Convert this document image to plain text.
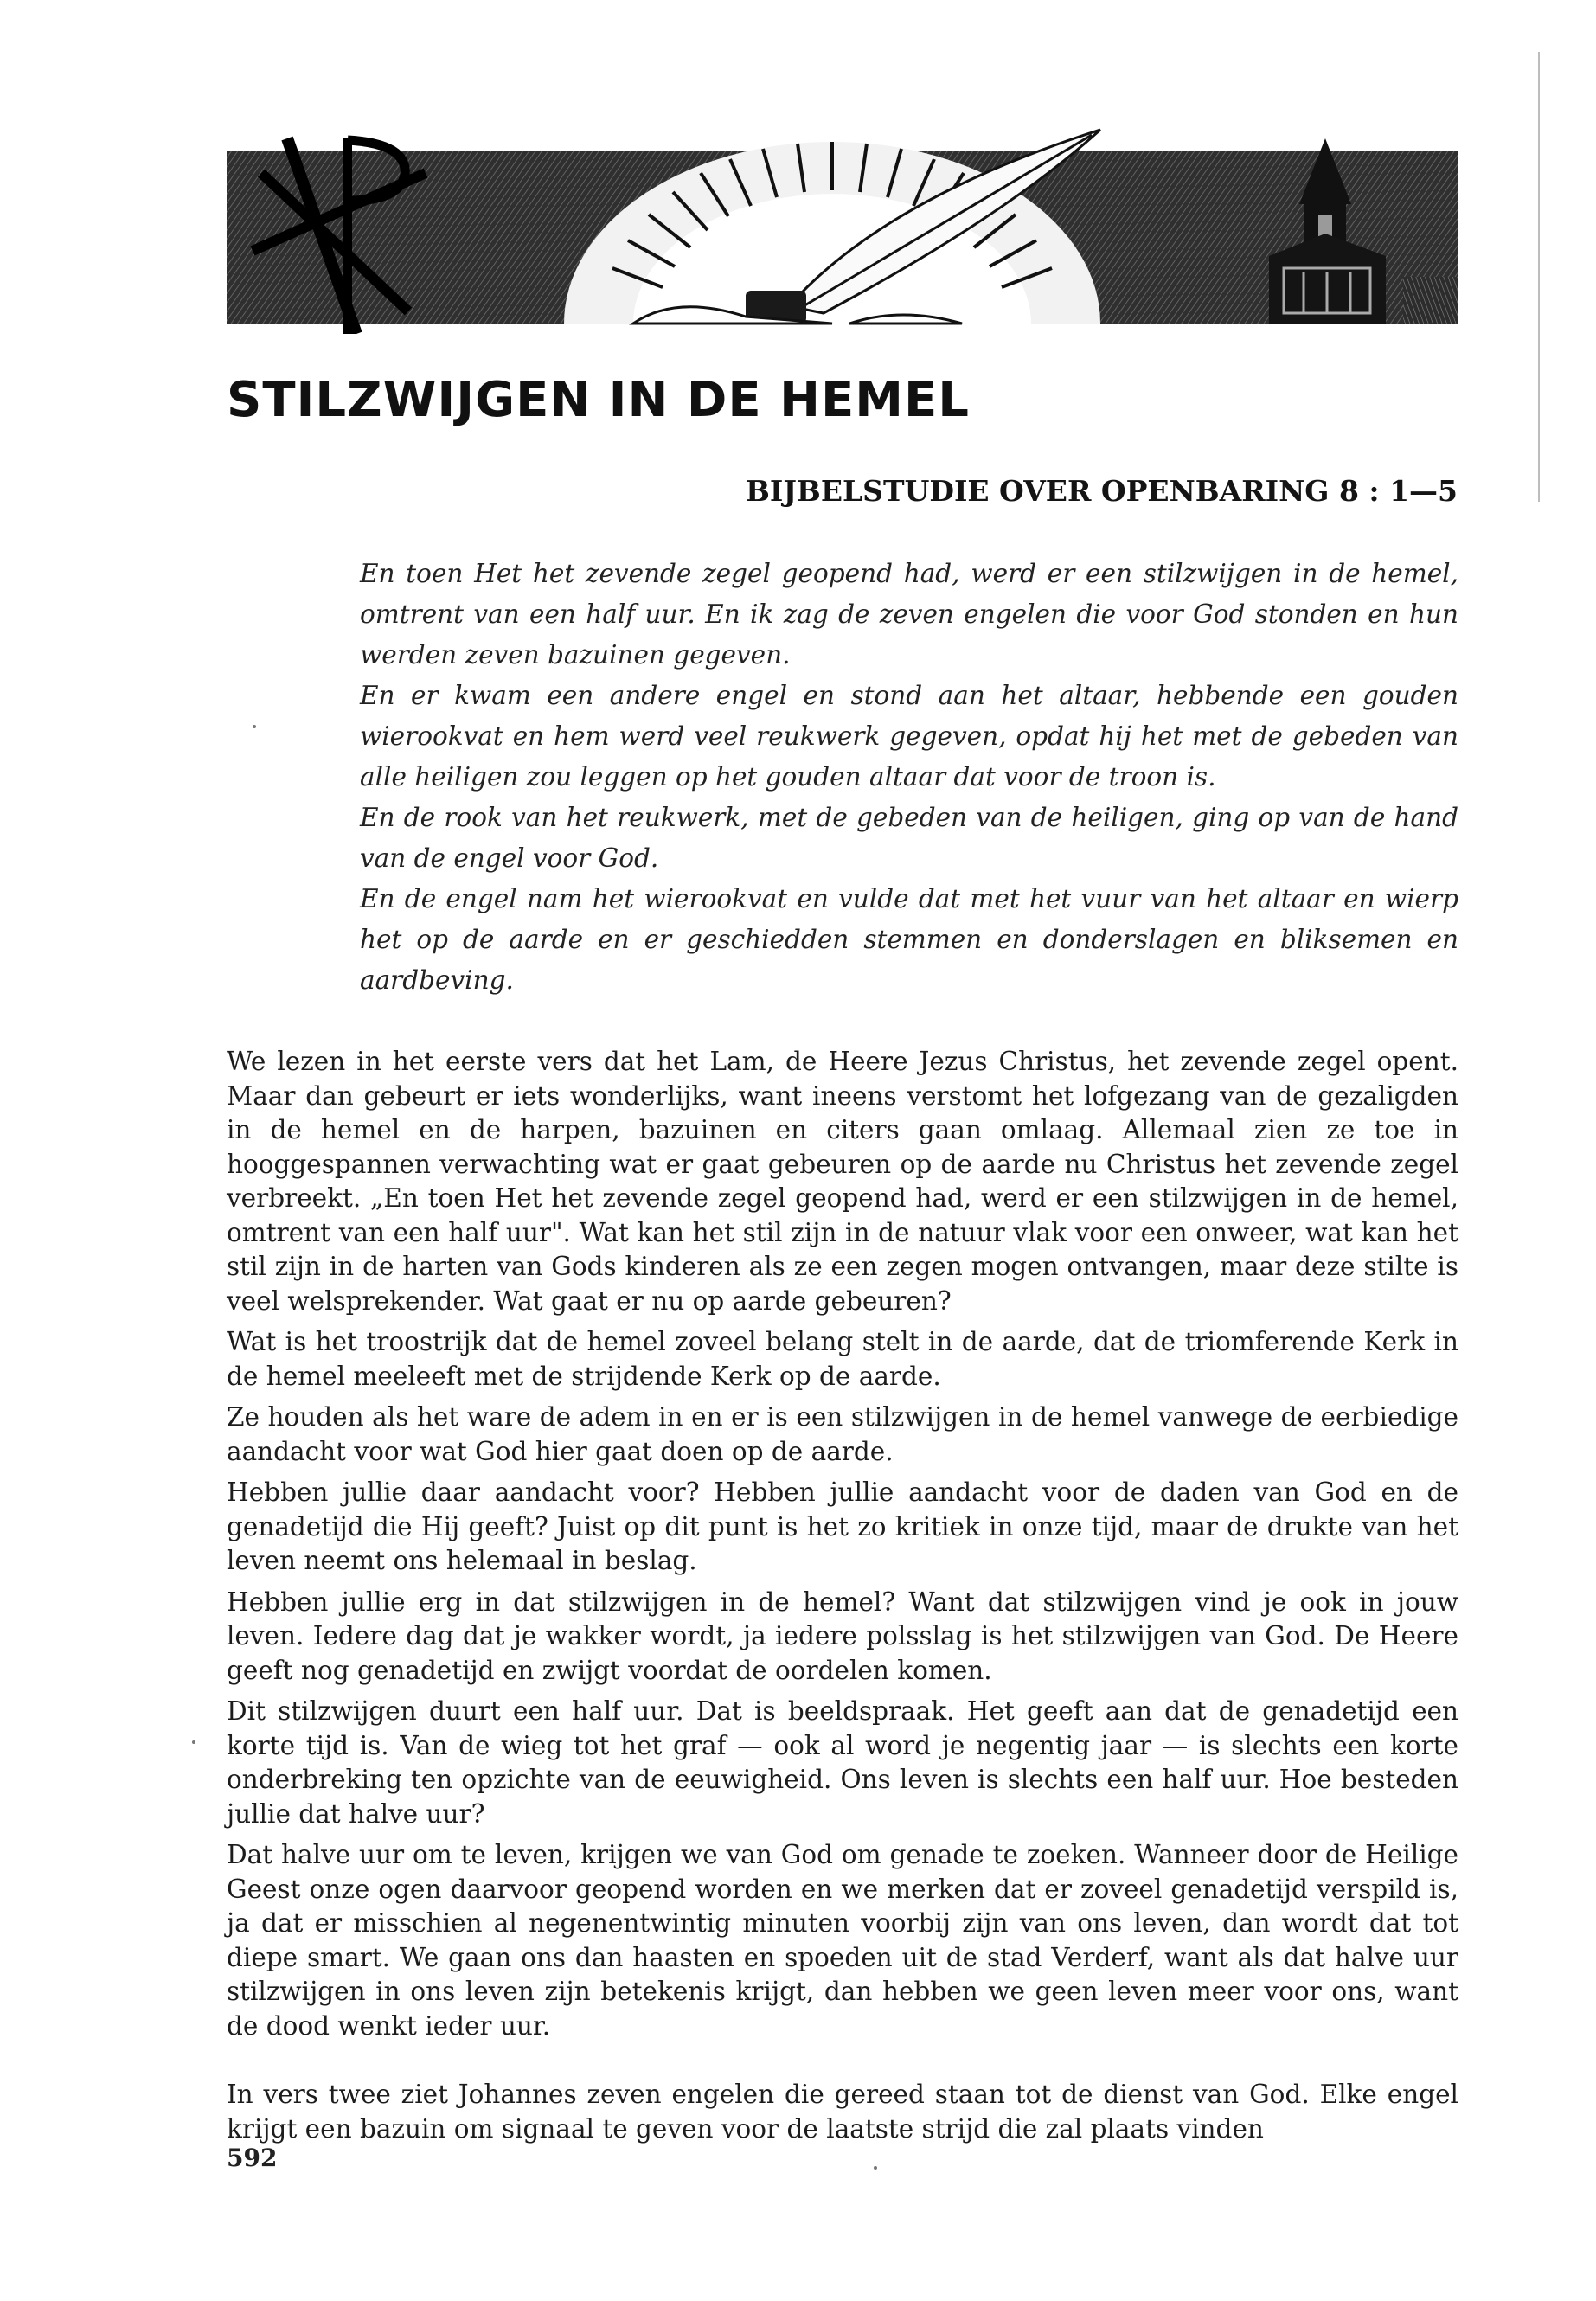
STILZWIJGEN IN DE HEMEL
BIJBELSTUDIE OVER OPENBARING 8 : 1—5

En toen Het het zevende zegel geopend had, werd er een stilzwijgen in de hemel, omtrent van een half uur. En ik zag de zeven engelen die voor God stonden en hun werden zeven bazuinen gegeven.

En er kwam een andere engel en stond aan het altaar, hebbende een gouden wierookvat en hem werd veel reukwerk gegeven, opdat hij het met de gebeden van alle heiligen zou leggen op het gouden altaar dat voor de troon is.

En de rook van het reukwerk, met de gebeden van de heiligen, ging op van de hand van de engel voor God.

En de engel nam het wierookvat en vulde dat met het vuur van het altaar en wierp het op de aarde en er geschiedden stemmen en donderslagen en bliksemen en aardbeving.

We lezen in het eerste vers dat het Lam, de Heere Jezus Christus, het zevende zegel opent. Maar dan gebeurt er iets wonderlijks, want ineens verstomt het lofgezang van de gezaligden in de hemel en de harpen, bazuinen en citers gaan omlaag. Allemaal zien ze toe in hooggespannen verwachting wat er gaat gebeuren op de aarde nu Christus het zevende zegel verbreekt. „En toen Het het zevende zegel geopend had, werd er een stilzwijgen in de hemel, omtrent van een half uur". Wat kan het stil zijn in de natuur vlak voor een onweer, wat kan het stil zijn in de harten van Gods kinderen als ze een zegen mogen ontvangen, maar deze stilte is veel welsprekender. Wat gaat er nu op aarde gebeuren?

Wat is het troostrijk dat de hemel zoveel belang stelt in de aarde, dat de triomferende Kerk in de hemel meeleeft met de strijdende Kerk op de aarde.

Ze houden als het ware de adem in en er is een stilzwijgen in de hemel vanwege de eerbiedige aandacht voor wat God hier gaat doen op de aarde.

Hebben jullie daar aandacht voor? Hebben jullie aandacht voor de daden van God en de genadetijd die Hij geeft? Juist op dit punt is het zo kritiek in onze tijd, maar de drukte van het leven neemt ons helemaal in beslag.

Hebben jullie erg in dat stilzwijgen in de hemel? Want dat stilzwijgen vind je ook in jouw leven. Iedere dag dat je wakker wordt, ja iedere polsslag is het stilzwijgen van God. De Heere geeft nog genadetijd en zwijgt voordat de oordelen komen.

Dit stilzwijgen duurt een half uur. Dat is beeldspraak. Het geeft aan dat de genadetijd een korte tijd is. Van de wieg tot het graf — ook al word je negentig jaar — is slechts een korte onderbreking ten opzichte van de eeuwigheid. Ons leven is slechts een half uur. Hoe besteden jullie dat halve uur?

Dat halve uur om te leven, krijgen we van God om genade te zoeken. Wanneer door de Heilige Geest onze ogen daarvoor geopend worden en we merken dat er zoveel genadetijd verspild is, ja dat er misschien al negenentwintig minuten voorbij zijn van ons leven, dan wordt dat tot diepe smart. We gaan ons dan haasten en spoeden uit de stad Verderf, want als dat halve uur stilzwijgen in ons leven zijn betekenis krijgt, dan hebben we geen leven meer voor ons, want de dood wenkt ieder uur.

In vers twee ziet Johannes zeven engelen die gereed staan tot de dienst van God. Elke engel krijgt een bazuin om signaal te geven voor de laatste strijd die zal plaats vinden

592
